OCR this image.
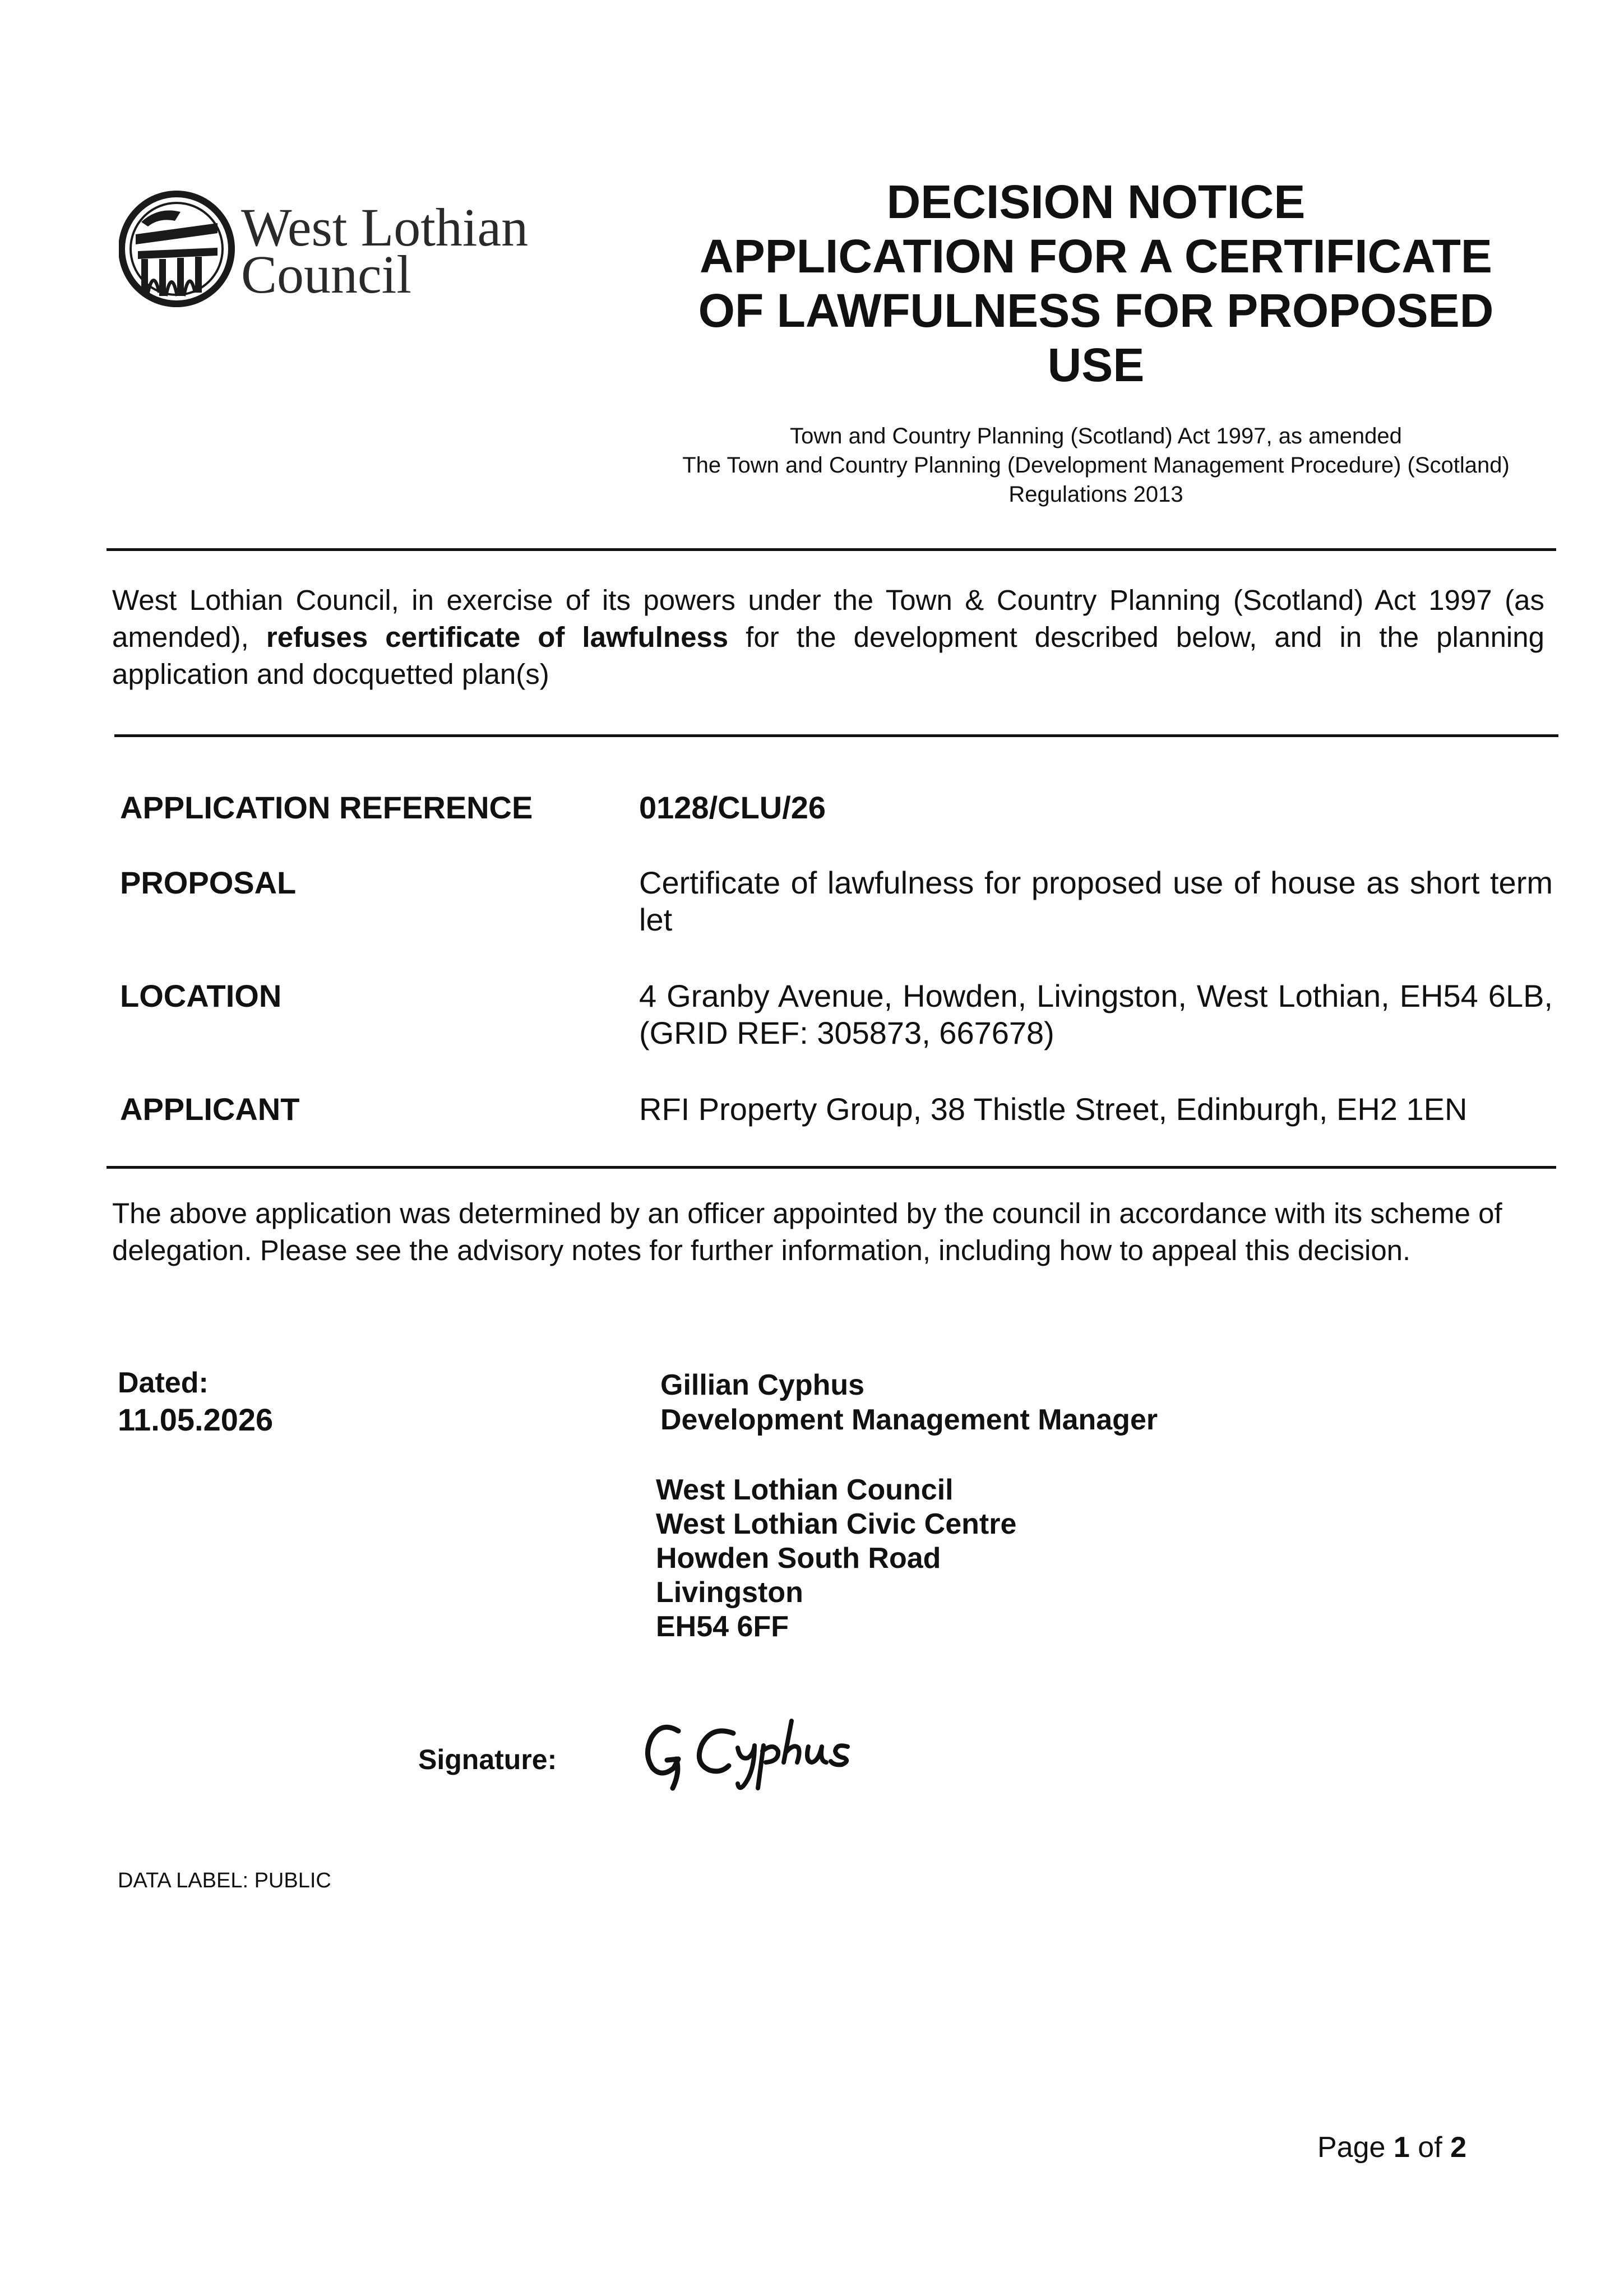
West Lothian
Council
DECISION NOTICE
APPLICATION FOR A CERTIFICATE
OF LAWFULNESS FOR PROPOSED
USE
Town and Country Planning (Scotland) Act 1997, as amended
The Town and Country Planning (Development Management Procedure) (Scotland)
Regulations 2013

West Lothian Council, in exercise of its powers under the Town & Country Planning (Scotland) Act 1997 (as amended), refuses certificate of lawfulness for the development described below, and in the planning application and docquetted plan(s)

APPLICATION REFERENCE	0128/CLU/26
PROPOSAL	Certificate of lawfulness for proposed use of house as short term let
LOCATION	4 Granby Avenue, Howden, Livingston, West Lothian, EH54 6LB, (GRID REF: 305873, 667678)
APPLICANT	RFI Property Group, 38 Thistle Street, Edinburgh, EH2 1EN

The above application was determined by an officer appointed by the council in accordance with its scheme of delegation. Please see the advisory notes for further information, including how to appeal this decision.

Dated:
11.05.2026
Gillian Cyphus
Development Management Manager
West Lothian Council
West Lothian Civic Centre
Howden South Road
Livingston
EH54 6FF
Signature:
DATA LABEL: PUBLIC
Page 1 of 2
